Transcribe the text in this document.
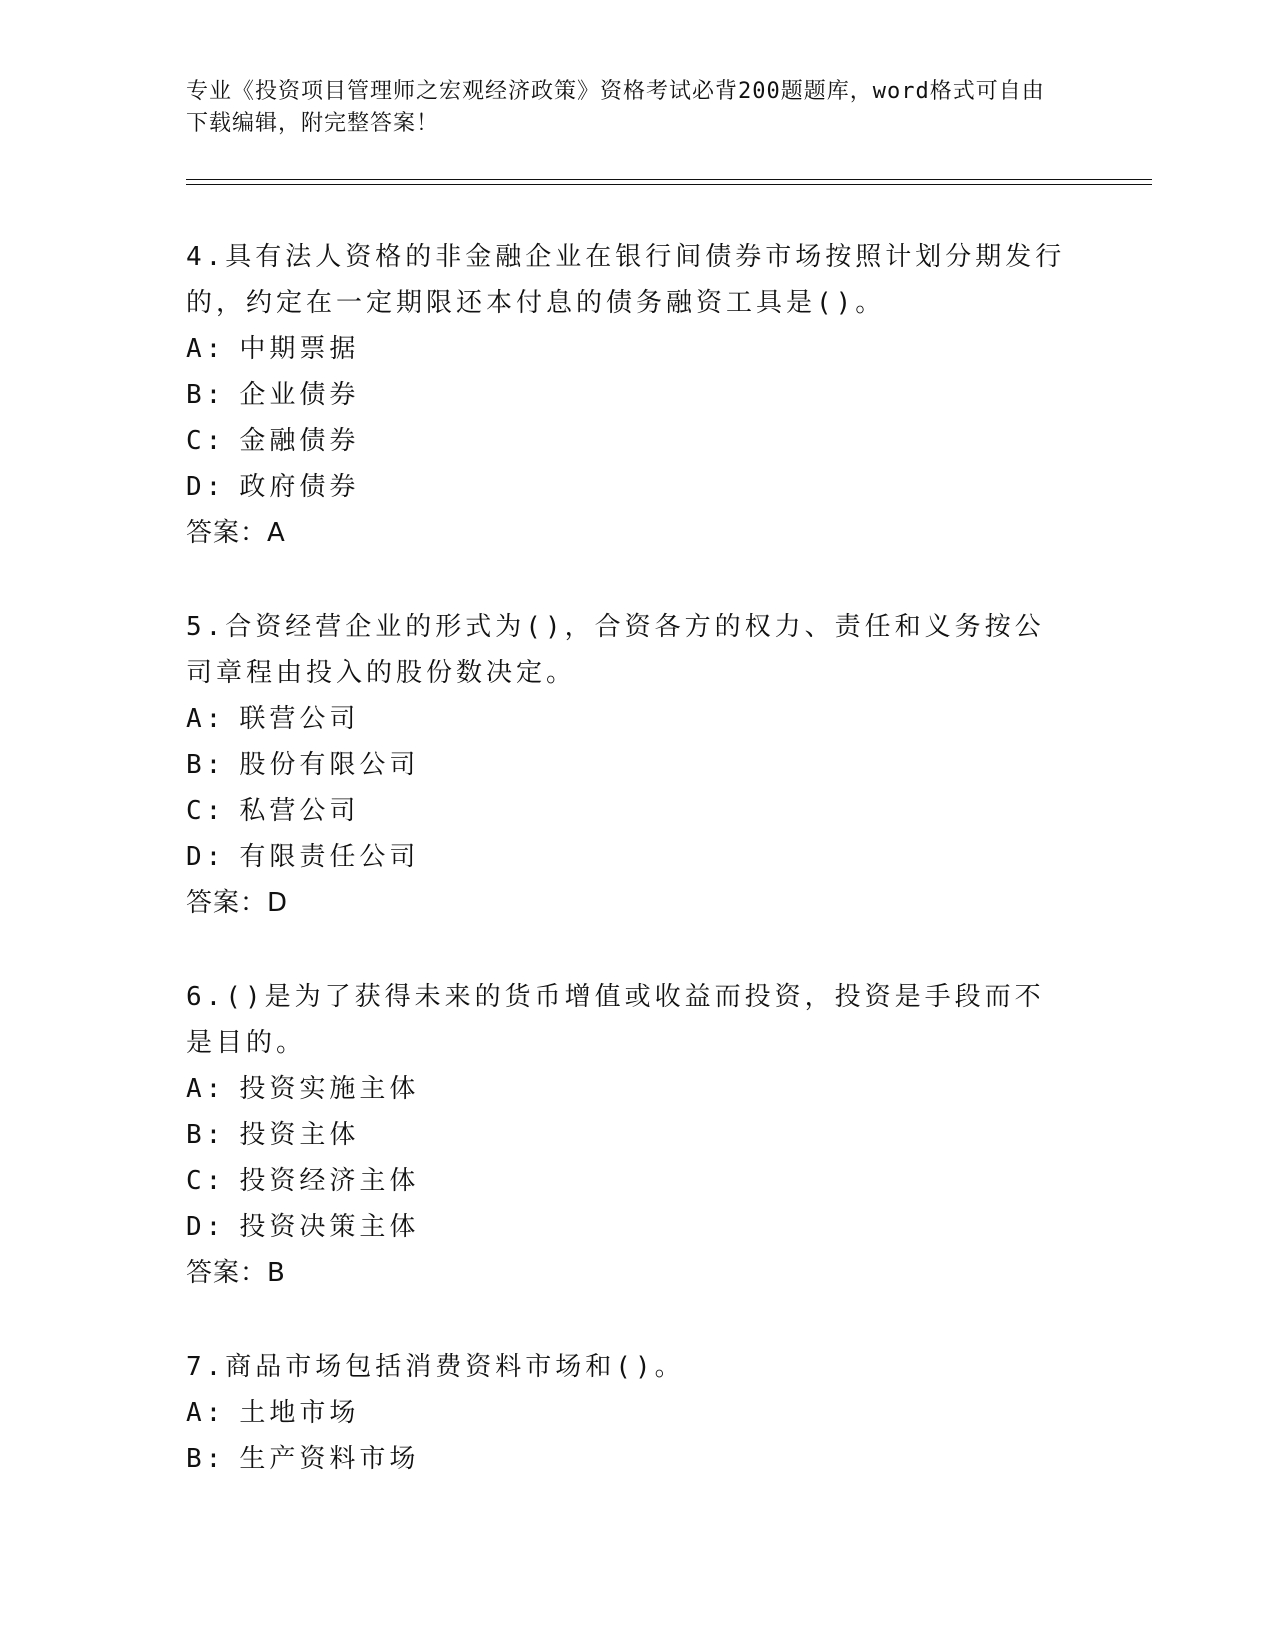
专业《投资项目管理师之宏观经济政策》资格考试必背200题题库，word格式可自由下载编辑，附完整答案！
4.具有法人资格的非金融企业在银行间债券市场按照计划分期发行的，约定在一定期限还本付息的债务融资工具是()。
A: 中期票据
B: 企业债券
C: 金融债券
D: 政府债券
答案：A
5.合资经营企业的形式为()，合资各方的权力、责任和义务按公司章程由投入的股份数决定。
A: 联营公司
B: 股份有限公司
C: 私营公司
D: 有限责任公司
答案：D
6.()是为了获得未来的货币增值或收益而投资，投资是手段而不是目的。
A: 投资实施主体
B: 投资主体
C: 投资经济主体
D: 投资决策主体
答案：B
7.商品市场包括消费资料市场和()。
A: 土地市场
B: 生产资料市场
